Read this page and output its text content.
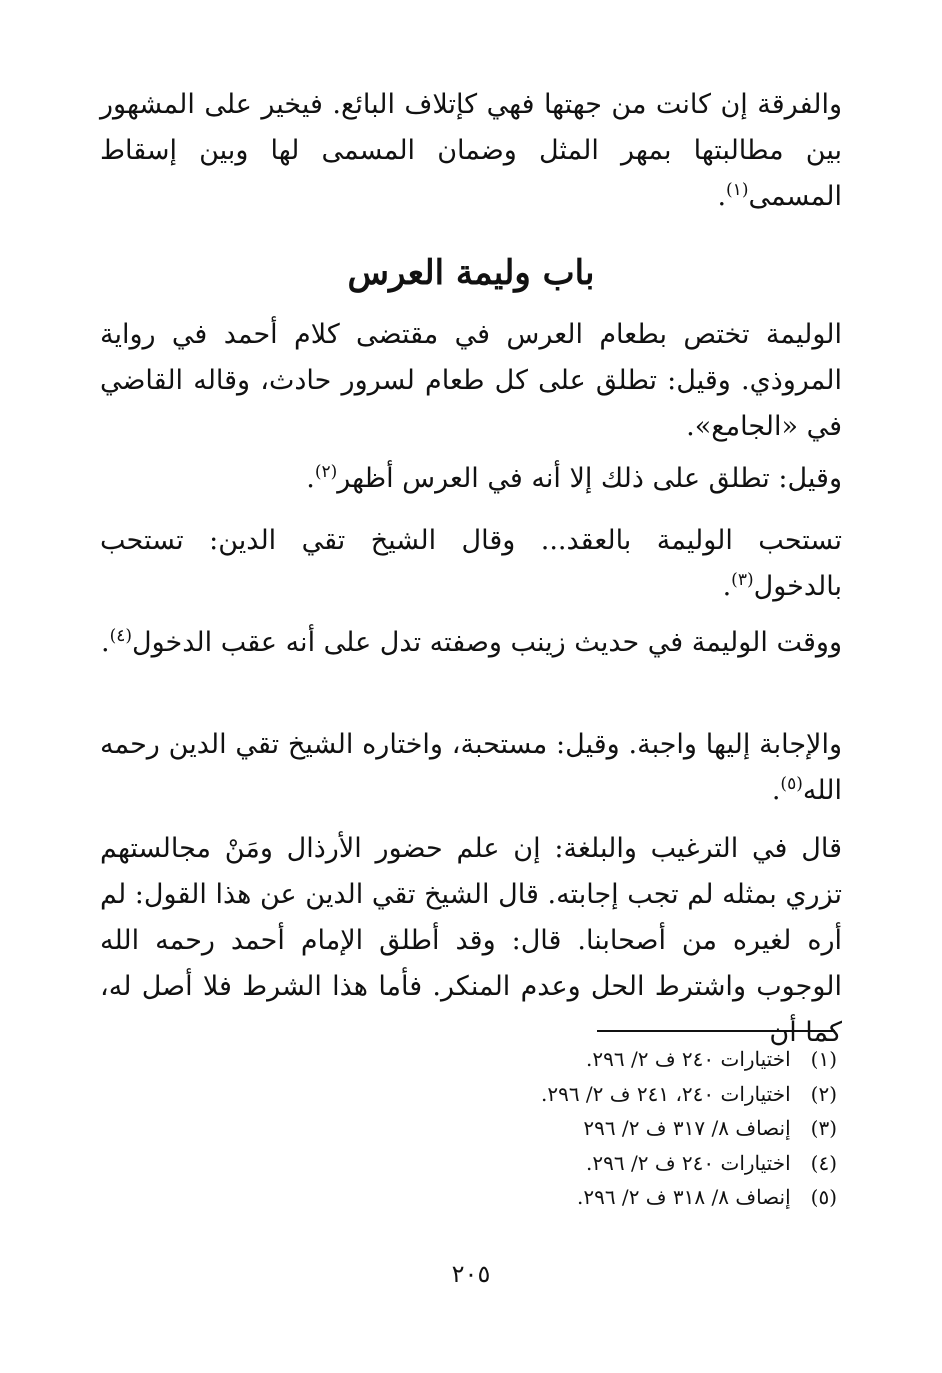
والفرقة إن كانت من جهتها فهي كإتلاف البائع. فيخير على المشهور بين مطالبتها بمهر المثل وضمان المسمى لها وبين إسقاط المسمى$^{(١)}$.

باب وليمة العرس

الوليمة تختص بطعام العرس في مقتضى كلام أحمد في رواية المروذي. وقيل: تطلق على كل طعام لسرور حادث، وقاله القاضي في «الجامع».

وقيل: تطلق على ذلك إلا أنه في العرس أظهر$^{(٢)}$.

تستحب الوليمة بالعقد... وقال الشيخ تقي الدين: تستحب بالدخول$^{(٣)}$.

ووقت الوليمة في حديث زينب وصفته تدل على أنه عقب الدخول$^{(٤)}$.

والإجابة إليها واجبة. وقيل: مستحبة، واختاره الشيخ تقي الدين رحمه الله$^{(٥)}$.

قال في الترغيب والبلغة: إن علم حضور الأرذال ومَنْ مجالستهم تزري بمثله لم تجب إجابته. قال الشيخ تقي الدين عن هذا القول: لم أره لغيره من أصحابنا. قال: وقد أطلق الإمام أحمد رحمه الله الوجوب واشترط الحل وعدم المنكر. فأما هذا الشرط فلا أصل له، كما أن

(١) اختيارات ٢٤٠ ف ٢/ ٢٩٦.
(٢) اختيارات ٢٤٠، ٢٤١ ف ٢/ ٢٩٦.
(٣) إنصاف ٨/ ٣١٧ ف ٢/ ٢٩٦
(٤) اختيارات ٢٤٠ ف ٢/ ٢٩٦.
(٥) إنصاف ٨/ ٣١٨ ف ٢/ ٢٩٦.
٢٠٥
